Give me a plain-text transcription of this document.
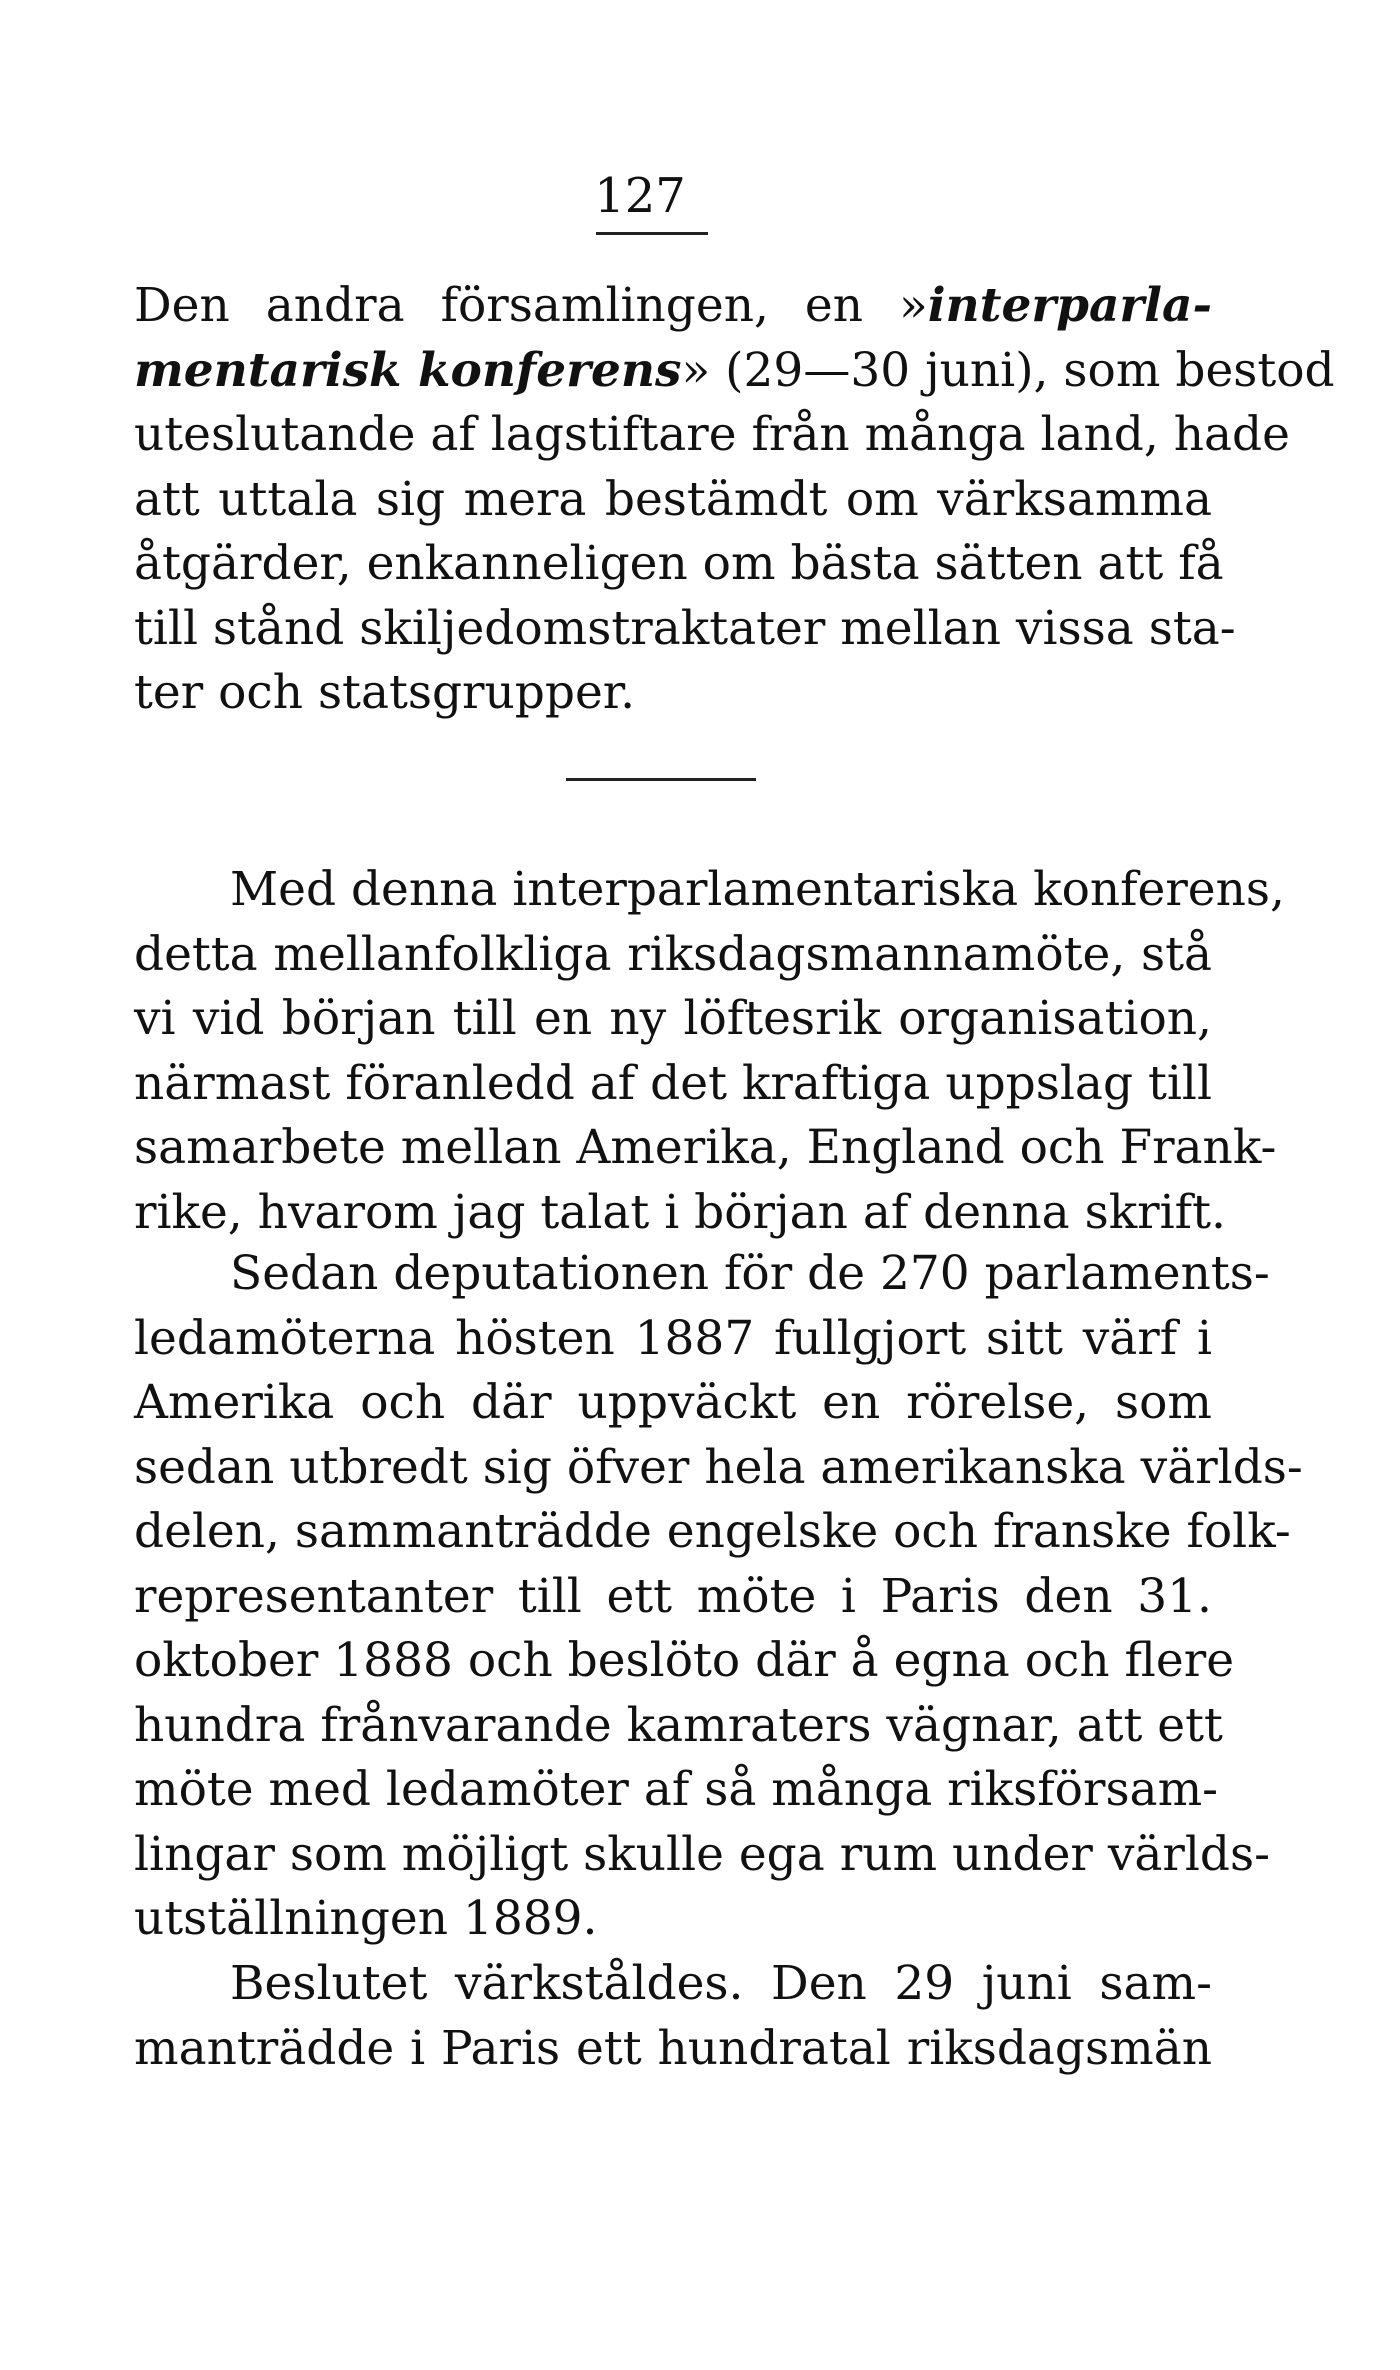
127
Den andra församlingen, en »interparla-
mentarisk konferens» (29—30 juni), som bestod
uteslutande af lagstiftare från många land, hade
att uttala sig mera bestämdt om värksamma
åtgärder, enkanneligen om bästa sätten att få
till stånd skiljedomstraktater mellan vissa sta-
ter och statsgrupper.
Med denna interparlamentariska konferens,
detta mellanfolkliga riksdagsmannamöte, stå
vi vid början till en ny löftesrik organisation,
närmast föranledd af det kraftiga uppslag till
samarbete mellan Amerika, England och Frank-
rike, hvarom jag talat i början af denna skrift.
Sedan deputationen för de 270 parlaments-
ledamöterna hösten 1887 fullgjort sitt värf i
Amerika och där uppväckt en rörelse, som
sedan utbredt sig öfver hela amerikanska världs-
delen, sammanträdde engelske och franske folk-
representanter till ett möte i Paris den 31.
oktober 1888 och beslöto där å egna och flere
hundra frånvarande kamraters vägnar, att ett
möte med ledamöter af så många riksförsam-
lingar som möjligt skulle ega rum under världs-
utställningen 1889.
Beslutet värkståldes. Den 29 juni sam-
manträdde i Paris ett hundratal riksdagsmän
